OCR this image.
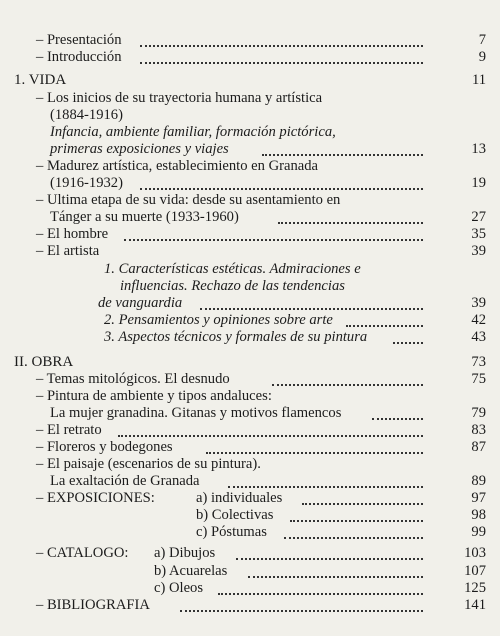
– Presentación	7
– Introducción	9
1. VIDA	11
– Los inicios de su trayectoria humana y artística
(1884-1916)
Infancia, ambiente familiar, formación pictórica,
primeras exposiciones y viajes	13
– Madurez artística, establecimiento en Granada
(1916-1932)	19
– Ultima etapa de su vida: desde su asentamiento en
Tánger a su muerte (1933-1960)	27
– El hombre	35
– El artista	39
1. Características estéticas. Admiraciones e
influencias. Rechazo de las tendencias
de vanguardia	39
2. Pensamientos y opiniones sobre arte	42
3. Aspectos técnicos y formales de su pintura	43
II. OBRA	73
– Temas mitológicos. El desnudo	75
– Pintura de ambiente y tipos andaluces:
La mujer granadina. Gitanas y motivos flamencos	79
– El retrato	83
– Floreros y bodegones	87
– El paisaje (escenarios de su pintura).
La exaltación de Granada	89
– EXPOSICIONES:	a) individuales	97
b) Colectivas	98
c) Póstumas	99
– CATALOGO: a) Dibujos	103
b) Acuarelas	107
c) Oleos	125
– BIBLIOGRAFIA	141
